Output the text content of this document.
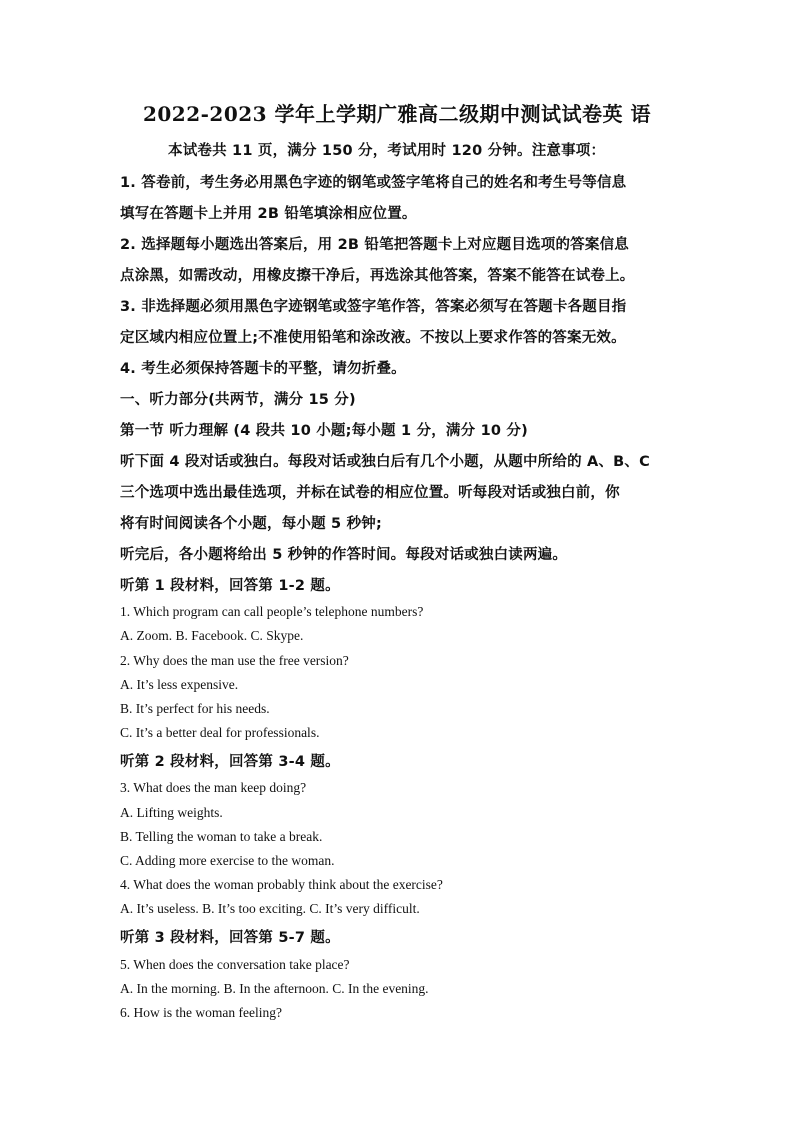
2022-2023 学年上学期广雅高二级期中测试试卷英 语
本试卷共 11 页，满分 150 分，考试用时 120 分钟。注意事项：
1. 答卷前，考生务必用黑色字迹的钢笔或签字笔将自己的姓名和考生号等信息
填写在答题卡上并用 2B 铅笔填涂相应位置。
2. 选择题每小题选出答案后，用 2B 铅笔把答题卡上对应题目选项的答案信息
点涂黑，如需改动，用橡皮擦干净后，再选涂其他答案，答案不能答在试卷上。
3. 非选择题必须用黑色字迹钢笔或签字笔作答，答案必须写在答题卡各题目指
定区域内相应位置上;不准使用铅笔和涂改液。不按以上要求作答的答案无效。
4. 考生必须保持答题卡的平整，请勿折叠。
一、听力部分(共两节，满分 15 分)
第一节 听力理解 (4 段共 10 小题;每小题 1 分，满分 10 分)
听下面 4 段对话或独白。每段对话或独白后有几个小题，从题中所给的 A、B、C
三个选项中选出最佳选项，并标在试卷的相应位置。听每段对话或独白前，你
将有时间阅读各个小题，每小题 5 秒钟;
听完后，各小题将给出 5 秒钟的作答时间。每段对话或独白读两遍。
听第 1 段材料，回答第 1-2 题。
1. Which program can call people’s telephone numbers?
A. Zoom. B. Facebook. C. Skype.
2. Why does the man use the free version?
A. It’s less expensive.
B. It’s perfect for his needs.
C. It’s a better deal for professionals.
听第 2 段材料，回答第 3-4 题。
3. What does the man keep doing?
A. Lifting weights.
B. Telling the woman to take a break.
C. Adding more exercise to the woman.
4. What does the woman probably think about the exercise?
A. It’s useless. B. It’s too exciting. C. It’s very difficult.
听第 3 段材料，回答第 5-7 题。
5. When does the conversation take place?
A. In the morning. B. In the afternoon. C. In the evening.
6. How is the woman feeling?
